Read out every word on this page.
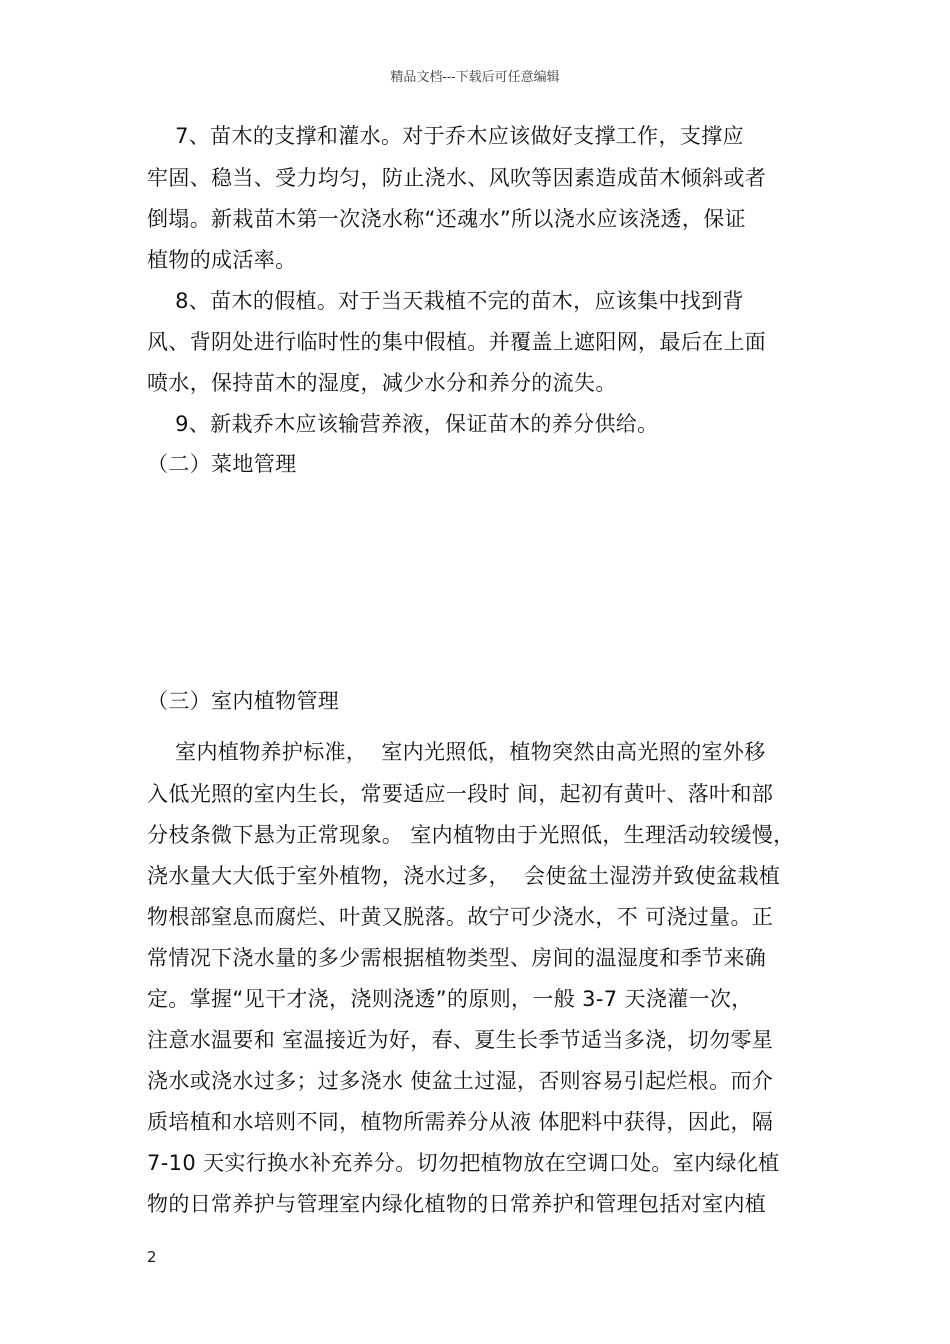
精品文档---下载后可任意编辑
7、苗木的支撑和灌水。对于乔木应该做好支撑工作，支撑应
牢固、稳当、受力均匀，防止浇水、风吹等因素造成苗木倾斜或者
倒塌。新栽苗木第一次浇水称“还魂水”所以浇水应该浇透，保证
植物的成活率。
8、苗木的假植。对于当天栽植不完的苗木，应该集中找到背
风、背阴处进行临时性的集中假植。并覆盖上遮阳网，最后在上面
喷水，保持苗木的湿度，减少水分和养分的流失。
9、新栽乔木应该输营养液，保证苗木的养分供给。
（二）菜地管理
（三）室内植物管理
室内植物养护标准，  室内光照低，植物突然由高光照的室外移
入低光照的室内生长，常要适应一段时 间，起初有黄叶、落叶和部
分枝条微下悬为正常现象。 室内植物由于光照低，生理活动较缓慢，
浇水量大大低于室外植物，浇水过多，  会使盆土湿涝并致使盆栽植
物根部窒息而腐烂、叶黄又脱落。故宁可少浇水，不 可浇过量。正
常情况下浇水量的多少需根据植物类型、房间的温湿度和季节来确
定。掌握“见干才浇，浇则浇透”的原则，一般 3-7 天浇灌一次，
注意水温要和 室温接近为好，春、夏生长季节适当多浇，切勿零星
浇水或浇水过多；过多浇水 使盆土过湿，否则容易引起烂根。而介
质培植和水培则不同，植物所需养分从液 体肥料中获得，因此，隔
7-10 天实行换水补充养分。切勿把植物放在空调口处。室内绿化植
物的日常养护与管理室内绿化植物的日常养护和管理包括对室内植
2
